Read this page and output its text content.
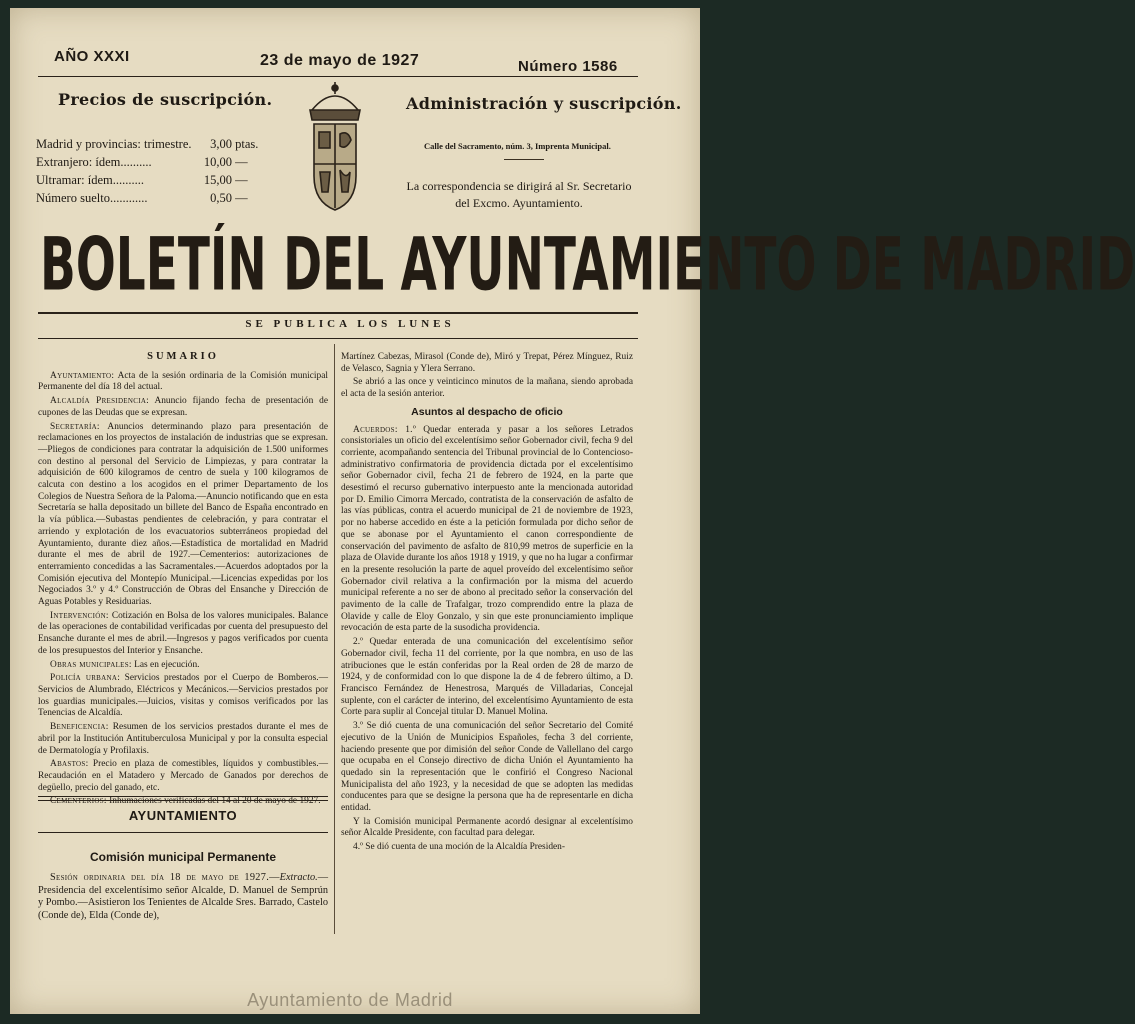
AÑO XXXI	23 de mayo de 1927	Número 1586
Precios de suscripción.
Madrid y provincias: trimestre. 3,00 ptas.
Extranjero: ídem..........	10,00 —
Ultramar: ídem..........	15,00 —
Número suelto............	0,50 —
Administración y suscripción.
Calle del Sacramento, núm. 3, Imprenta Municipal.
La correspondencia se dirigirá al Sr. Secretario del Excmo. Ayuntamiento.
BOLETÍN DEL AYUNTAMIENTO DE MADRID
SE PUBLICA LOS LUNES
SUMARIO

Ayuntamiento: Acta de la sesión ordinaria de la Comisión municipal Permanente del día 18 del actual.

Alcaldía Presidencia: Anuncio fijando fecha de presentación de cupones de las Deudas que se expresan.

Secretaría: Anuncios determinando plazo para presentación de reclamaciones en los proyectos de instalación de industrias que se expresan.—Pliegos de condiciones para contratar la adquisición de 1.500 uniformes con destino al personal del Servicio de Limpiezas, y para contratar la adquisición de 600 kilogramos de centro de suela y 100 kilogramos de calcuta con destino a los acogidos en el primer Departamento de los Colegios de Nuestra Señora de la Paloma.—Anuncio notificando que en esta Secretaría se halla depositado un billete del Banco de España encontrado en la vía pública.—Subastas pendientes de celebración, y para contratar el arriendo y explotación de los evacuatorios subterráneos propiedad del Ayuntamiento, durante diez años.—Estadística de mortalidad en Madrid durante el mes de abril de 1927.—Cementerios: autorizaciones de enterramiento concedidas a las Sacramentales.—Acuerdos adoptados por la Comisión ejecutiva del Montepío Municipal.—Licencias expedidas por los Negociados 3.º y 4.º Construcción de Obras del Ensanche y Dirección de Aguas Potables y Residuarias.

Intervención: Cotización en Bolsa de los valores municipales. Balance de las operaciones de contabilidad verificadas por cuenta del presupuesto del Ensanche durante el mes de abril.—Ingresos y pagos verificados por cuenta de los presupuestos del Interior y Ensanche.

Obras municipales: Las en ejecución.

Policía urbana: Servicios prestados por el Cuerpo de Bomberos.—Servicios de Alumbrado, Eléctricos y Mecánicos.—Servicios prestados por los guardias municipales.—Juicios, visitas y comisos verificados por las Tenencias de Alcaldía.

Beneficencia: Resumen de los servicios prestados durante el mes de abril por la Institución Antituberculosa Municipal y por la consulta especial de Dermatología y Profilaxis.

Abastos: Precio en plaza de comestibles, líquidos y combustibles.—Recaudación en el Matadero y Mercado de Ganados por derechos de degüello, precio del ganado, etc.

Cementerios: Inhumaciones verificadas del 14 al 20 de mayo de 1927.

AYUNTAMIENTO
Comisión municipal Permanente

Sesión ordinaria del día 18 de mayo de 1927.—Extracto.—Presidencia del excelentísimo señor Alcalde, D. Manuel de Semprún y Pombo.—Asistieron los Tenientes de Alcalde Sres. Barrado, Castelo (Conde de), Elda (Conde de),

Martínez Cabezas, Mirasol (Conde de), Miró y Trepat, Pérez Mínguez, Ruiz de Velasco, Sagnia y Ylera Serrano.

Se abrió a las once y veinticinco minutos de la mañana, siendo aprobada el acta de la sesión anterior.

Asuntos al despacho de oficio

Acuerdos: 1.º Quedar enterada y pasar a los señores Letrados consistoriales un oficio del excelentísimo señor Gobernador civil, fecha 9 del corriente, acompañando sentencia del Tribunal provincial de lo Contencioso-administrativo confirmatoria de providencia dictada por el excelentísimo señor Gobernador civil, fecha 21 de febrero de 1924, en la parte que desestimó el recurso gubernativo interpuesto ante la mencionada autoridad por D. Emilio Cimorra Mercado, contratista de la conservación de asfalto de las vías públicas, contra el acuerdo municipal de 21 de noviembre de 1923, por no haberse accedido en éste a la petición formulada por dicho señor de que se abonase por el Ayuntamiento el canon correspondiente de conservación del pavimento de asfalto de 810,99 metros de superficie en la plaza de Olavide durante los años 1918 y 1919, y que no ha lugar a confirmar en la presente resolución la parte de aquel proveído del excelentísimo señor Gobernador civil relativa a la confirmación por la misma del acuerdo municipal referente a no ser de abono al precitado señor la conservación del pavimento de la calle de Trafalgar, trozo comprendido entre la plaza de Olavide y calle de Eloy Gonzalo, y sin que este pronunciamiento implique revocación de esta parte de la susodicha providencia.

2.º Quedar enterada de una comunicación del excelentísimo señor Gobernador civil, fecha 11 del corriente, por la que nombra, en uso de las atribuciones que le están conferidas por la Real orden de 28 de marzo de 1924, y de conformidad con lo que dispone la de 4 de febrero último, a D. Francisco Fernández de Henestrosa, Marqués de Villadarias, Concejal suplente, con el carácter de interino, del excelentísimo Ayuntamiento de esta Corte para suplir al Concejal titular D. Manuel Molina.

3.º Se dió cuenta de una comunicación del señor Secretario del Comité ejecutivo de la Unión de Municipios Españoles, fecha 3 del corriente, haciendo presente que por dimisión del señor Conde de Vallellano del cargo que ocupaba en el Consejo directivo de dicha Unión el Ayuntamiento ha quedado sin la representación que le confirió el Congreso Nacional Municipalista del año 1923, y la necesidad de que se adopten las medidas conducentes para que se designe la persona que ha de representarle en dicha entidad.

Y la Comisión municipal Permanente acordó designar al excelentísimo señor Alcalde Presidente, con facultad para delegar.

4.º Se dió cuenta de una moción de la Alcaldía Presiden-

Ayuntamiento de Madrid
